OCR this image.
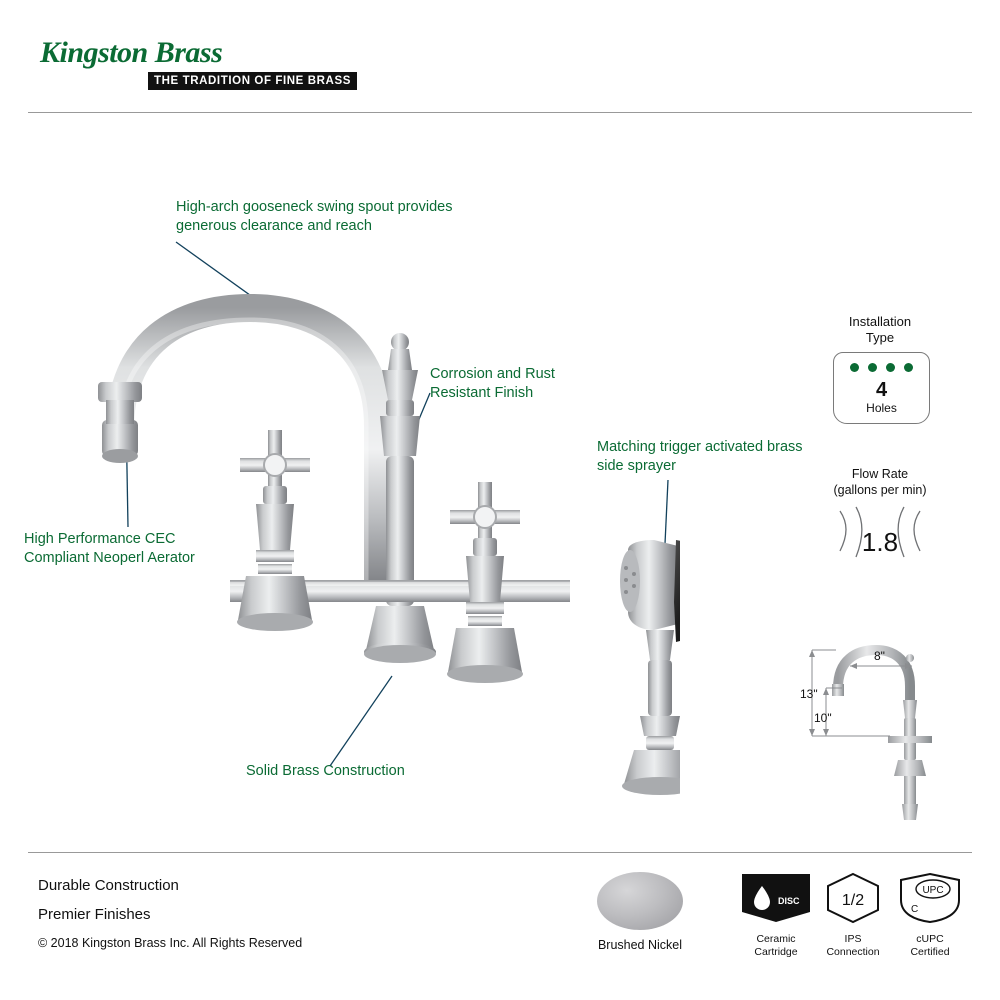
Kingston Brass
THE TRADITION OF FINE BRASS
High-arch gooseneck swing spout provides generous clearance and reach
Corrosion and Rust Resistant Finish
Matching trigger activated brass side sprayer
High Performance CEC Compliant Neoperl Aerator
Solid Brass Construction
Installation
Type
4
Holes
Flow Rate
(gallons per min)
1.8
13"
10"
8"
Durable Construction
Premier Finishes
© 2018 Kingston Brass Inc. All Rights Reserved	Brushed Nickel
DISC
Ceramic
Cartridge
1/2
IPS
Connection
UPC
C
cUPC
Certified
